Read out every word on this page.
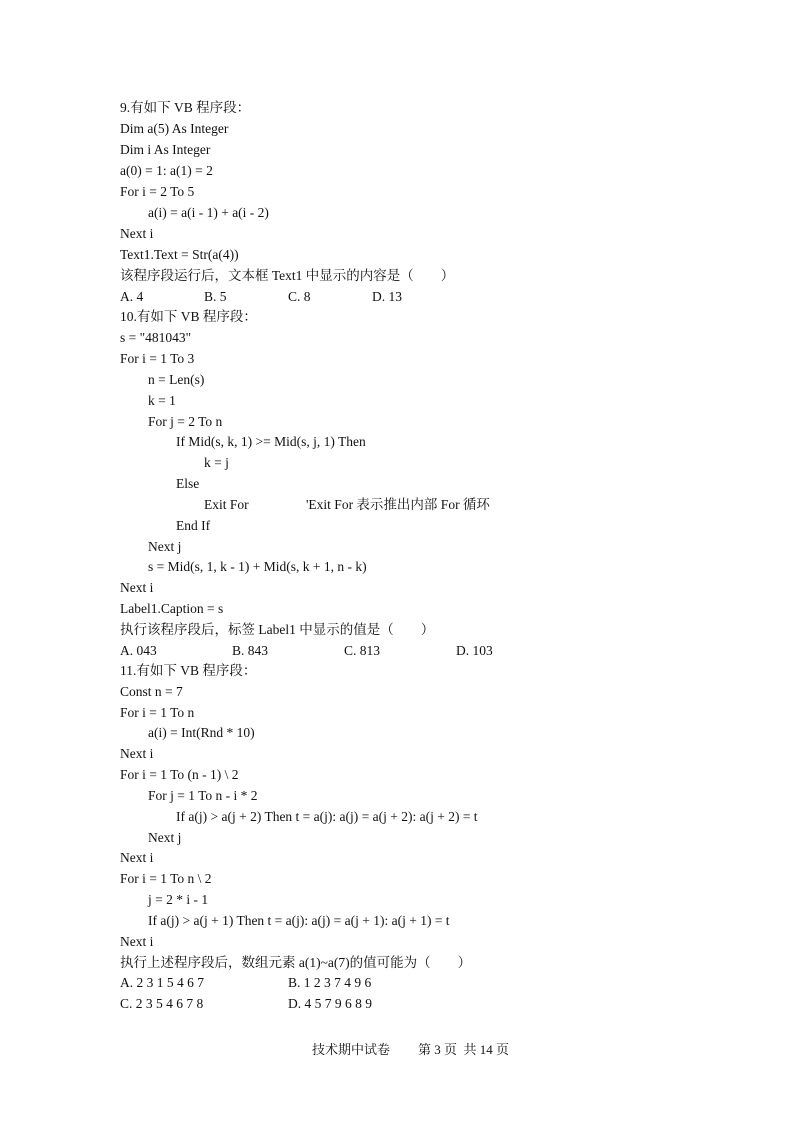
9.有如下 VB 程序段：
Dim a(5) As Integer
Dim i As Integer
a(0) = 1: a(1) = 2
For i = 2 To 5
a(i) = a(i - 1) + a(i - 2)
Next i
Text1.Text = Str(a(4))
该程序段运行后，文本框 Text1 中显示的内容是（　　）
A. 4	B. 5	C. 8	D. 13
10.有如下 VB 程序段：
s = "481043"
For i = 1 To 3
n = Len(s)
k = 1
For j = 2 To n
If Mid(s, k, 1) >= Mid(s, j, 1) Then
k = j
Else
Exit For	'Exit For 表示推出内部 For 循环
End If
Next j
s = Mid(s, 1, k - 1) + Mid(s, k + 1, n - k)
Next i
Label1.Caption = s
执行该程序段后，标签 Label1 中显示的值是（　　）
A. 043	B. 843	C. 813	D. 103
11.有如下 VB 程序段：
Const n = 7
For i = 1 To n
a(i) = Int(Rnd * 10)
Next i
For i = 1 To (n - 1) \ 2
For j = 1 To n - i * 2
If a(j) > a(j + 2) Then t = a(j): a(j) = a(j + 2): a(j + 2) = t
Next j
Next i
For i = 1 To n \ 2
j = 2 * i - 1
If a(j) > a(j + 1) Then t = a(j): a(j) = a(j + 1): a(j + 1) = t
Next i
执行上述程序段后，数组元素 a(1)~a(7)的值可能为（　　）
A. 2 3 1 5 4 6 7	B. 1 2 3 7 4 9 6
C. 2 3 5 4 6 7 8	D. 4 5 7 9 6 8 9
技术期中试卷 第 3 页  共 14 页
